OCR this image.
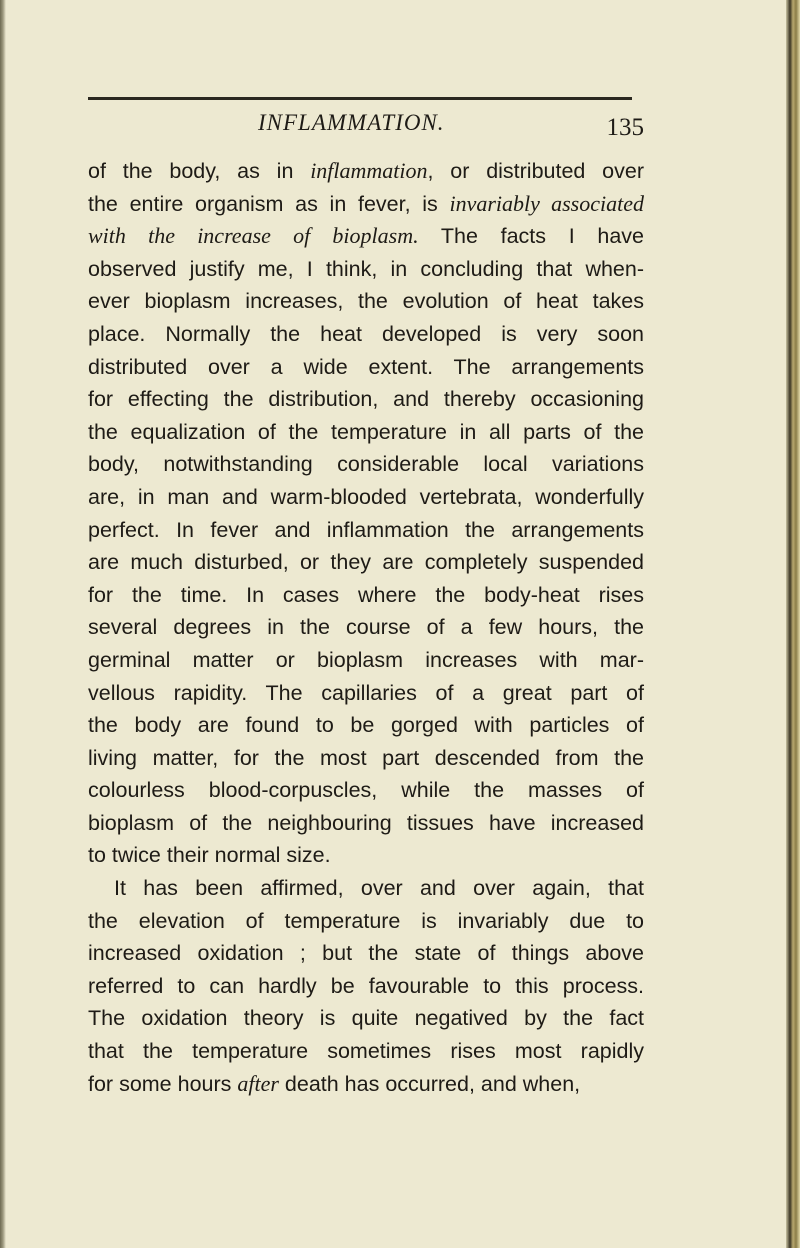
INFLAMMATION.	135
of the body, as in inflammation, or distributed over
the entire organism as in fever, is invariably associated
with the increase of bioplasm. The facts I have
observed justify me, I think, in concluding that when-
ever bioplasm increases, the evolution of heat takes
place. Normally the heat developed is very soon
distributed over a wide extent. The arrangements
for effecting the distribution, and thereby occasioning
the equalization of the temperature in all parts of the
body, notwithstanding considerable local variations
are, in man and warm-blooded vertebrata, wonderfully
perfect. In fever and inflammation the arrangements
are much disturbed, or they are completely suspended
for the time. In cases where the body-heat rises
several degrees in the course of a few hours, the
germinal matter or bioplasm increases with mar-
vellous rapidity. The capillaries of a great part of
the body are found to be gorged with particles of
living matter, for the most part descended from the
colourless blood-corpuscles, while the masses of
bioplasm of the neighbouring tissues have increased
to twice their normal size.
It has been affirmed, over and over again, that
the elevation of temperature is invariably due to
increased oxidation ; but the state of things above
referred to can hardly be favourable to this process.
The oxidation theory is quite negatived by the fact
that the temperature sometimes rises most rapidly
for some hours after death has occurred, and when,
